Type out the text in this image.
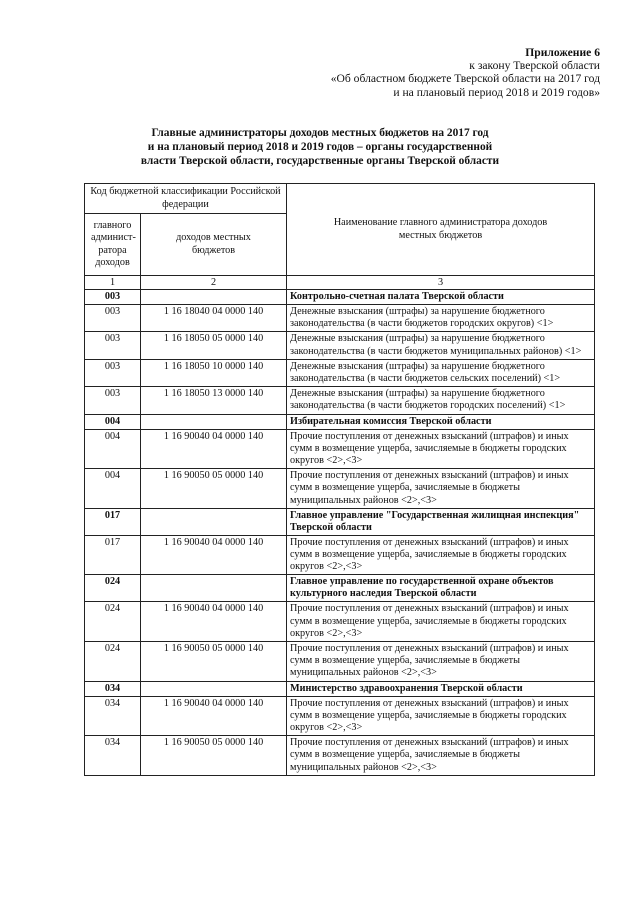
Приложение 6
к закону Тверской области
«Об областном бюджете Тверской области на 2017 год
и на плановый период 2018 и 2019 годов»
Главные администраторы доходов местных бюджетов на 2017 год
и на плановый период 2018 и 2019 годов – органы государственной
власти Тверской области, государственные органы Тверской области
Код бюджетной классификации Российской федерации		Наименование главного администратора доходов местных бюджетов
главного админист- ратора доходов	доходов местных бюджетов	
1	2	3
003		Контрольно-счетная палата Тверской области
003	1 16 18040 04 0000 140	Денежные взыскания (штрафы) за нарушение бюджетного законодательства (в части бюджетов городских округов) <1>
003	1 16 18050 05 0000 140	Денежные взыскания (штрафы) за нарушение бюджетного законодательства (в части бюджетов муниципальных районов) <1>
003	1 16 18050 10 0000 140	Денежные взыскания (штрафы) за нарушение бюджетного законодательства (в части бюджетов сельских поселений) <1>
003	1 16 18050 13 0000 140	Денежные взыскания (штрафы) за нарушение бюджетного законодательства (в части бюджетов городских поселений) <1>
004		Избирательная комиссия Тверской области
004	1 16 90040 04 0000 140	Прочие поступления от денежных взысканий (штрафов) и иных сумм в возмещение ущерба, зачисляемые в бюджеты городских округов <2>,<3>
004	1 16 90050 05 0000 140	Прочие поступления от денежных взысканий (штрафов) и иных сумм в возмещение ущерба, зачисляемые в бюджеты муниципальных районов <2>,<3>
017		Главное управление "Государственная жилищная инспекция" Тверской области
017	1 16 90040 04 0000 140	Прочие поступления от денежных взысканий (штрафов) и иных сумм в возмещение ущерба, зачисляемые в бюджеты городских округов <2>,<3>
024		Главное управление по государственной охране объектов культурного наследия Тверской области
024	1 16 90040 04 0000 140	Прочие поступления от денежных взысканий (штрафов) и иных сумм в возмещение ущерба, зачисляемые в бюджеты городских округов <2>,<3>
024	1 16 90050 05 0000 140	Прочие поступления от денежных взысканий (штрафов) и иных сумм в возмещение ущерба, зачисляемые в бюджеты муниципальных районов <2>,<3>
034		Министерство здравоохранения Тверской области
034	1 16 90040 04 0000 140	Прочие поступления от денежных взысканий (штрафов) и иных сумм в возмещение ущерба, зачисляемые в бюджеты городских округов <2>,<3>
034	1 16 90050 05 0000 140	Прочие поступления от денежных взысканий (штрафов) и иных сумм в возмещение ущерба, зачисляемые в бюджеты муниципальных районов <2>,<3>
